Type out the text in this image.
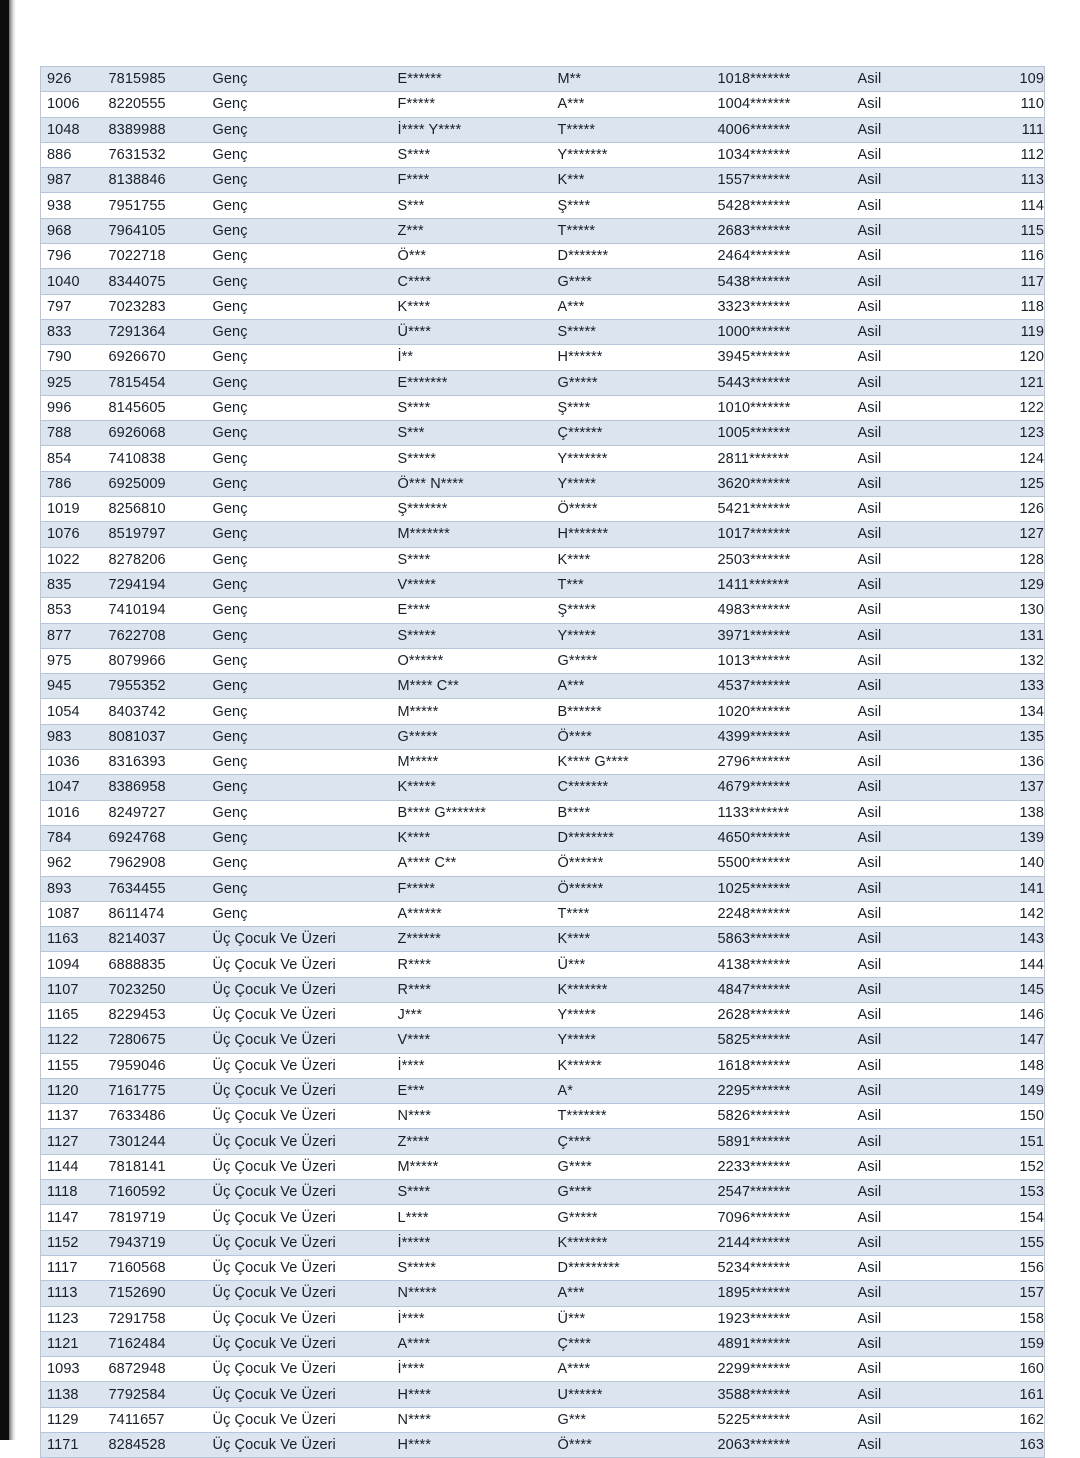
926	7815985	Genç	E******	M**	1018*******	Asil	109
1006	8220555	Genç	F*****	A***	1004*******	Asil	110
1048	8389988	Genç	İ**** Y****	T*****	4006*******	Asil	111
886	7631532	Genç	S****	Y*******	1034*******	Asil	112
987	8138846	Genç	F****	K***	1557*******	Asil	113
938	7951755	Genç	S***	Ş****	5428*******	Asil	114
968	7964105	Genç	Z***	T*****	2683*******	Asil	115
796	7022718	Genç	Ö***	D*******	2464*******	Asil	116
1040	8344075	Genç	C****	G****	5438*******	Asil	117
797	7023283	Genç	K****	A***	3323*******	Asil	118
833	7291364	Genç	Ü****	S*****	1000*******	Asil	119
790	6926670	Genç	İ**	H******	3945*******	Asil	120
925	7815454	Genç	E*******	G*****	5443*******	Asil	121
996	8145605	Genç	S****	Ş****	1010*******	Asil	122
788	6926068	Genç	S***	Ç******	1005*******	Asil	123
854	7410838	Genç	S*****	Y*******	2811*******	Asil	124
786	6925009	Genç	Ö*** N****	Y*****	3620*******	Asil	125
1019	8256810	Genç	Ş*******	Ö*****	5421*******	Asil	126
1076	8519797	Genç	M*******	H*******	1017*******	Asil	127
1022	8278206	Genç	S****	K****	2503*******	Asil	128
835	7294194	Genç	V*****	T***	1411*******	Asil	129
853	7410194	Genç	E****	Ş*****	4983*******	Asil	130
877	7622708	Genç	S*****	Y*****	3971*******	Asil	131
975	8079966	Genç	O******	G*****	1013*******	Asil	132
945	7955352	Genç	M**** C**	A***	4537*******	Asil	133
1054	8403742	Genç	M*****	B******	1020*******	Asil	134
983	8081037	Genç	G*****	Ö****	4399*******	Asil	135
1036	8316393	Genç	M*****	K**** G****	2796*******	Asil	136
1047	8386958	Genç	K*****	C*******	4679*******	Asil	137
1016	8249727	Genç	B**** G*******	B****	1133*******	Asil	138
784	6924768	Genç	K****	D********	4650*******	Asil	139
962	7962908	Genç	A**** C**	Ö******	5500*******	Asil	140
893	7634455	Genç	F*****	Ö******	1025*******	Asil	141
1087	8611474	Genç	A******	T****	2248*******	Asil	142
1163	8214037	Üç Çocuk Ve Üzeri	Z******	K****	5863*******	Asil	143
1094	6888835	Üç Çocuk Ve Üzeri	R****	Ü***	4138*******	Asil	144
1107	7023250	Üç Çocuk Ve Üzeri	R****	K*******	4847*******	Asil	145
1165	8229453	Üç Çocuk Ve Üzeri	J***	Y*****	2628*******	Asil	146
1122	7280675	Üç Çocuk Ve Üzeri	V****	Y*****	5825*******	Asil	147
1155	7959046	Üç Çocuk Ve Üzeri	İ****	K******	1618*******	Asil	148
1120	7161775	Üç Çocuk Ve Üzeri	E***	A*	2295*******	Asil	149
1137	7633486	Üç Çocuk Ve Üzeri	N****	T*******	5826*******	Asil	150
1127	7301244	Üç Çocuk Ve Üzeri	Z****	Ç****	5891*******	Asil	151
1144	7818141	Üç Çocuk Ve Üzeri	M*****	G****	2233*******	Asil	152
1118	7160592	Üç Çocuk Ve Üzeri	S****	G****	2547*******	Asil	153
1147	7819719	Üç Çocuk Ve Üzeri	L****	G*****	7096*******	Asil	154
1152	7943719	Üç Çocuk Ve Üzeri	İ*****	K*******	2144*******	Asil	155
1117	7160568	Üç Çocuk Ve Üzeri	S*****	D*********	5234*******	Asil	156
1113	7152690	Üç Çocuk Ve Üzeri	N*****	A***	1895*******	Asil	157
1123	7291758	Üç Çocuk Ve Üzeri	İ****	Ü***	1923*******	Asil	158
1121	7162484	Üç Çocuk Ve Üzeri	A****	Ç****	4891*******	Asil	159
1093	6872948	Üç Çocuk Ve Üzeri	İ****	A****	2299*******	Asil	160
1138	7792584	Üç Çocuk Ve Üzeri	H****	U******	3588*******	Asil	161
1129	7411657	Üç Çocuk Ve Üzeri	N****	G***	5225*******	Asil	162
1171	8284528	Üç Çocuk Ve Üzeri	H****	Ö****	2063*******	Asil	163
